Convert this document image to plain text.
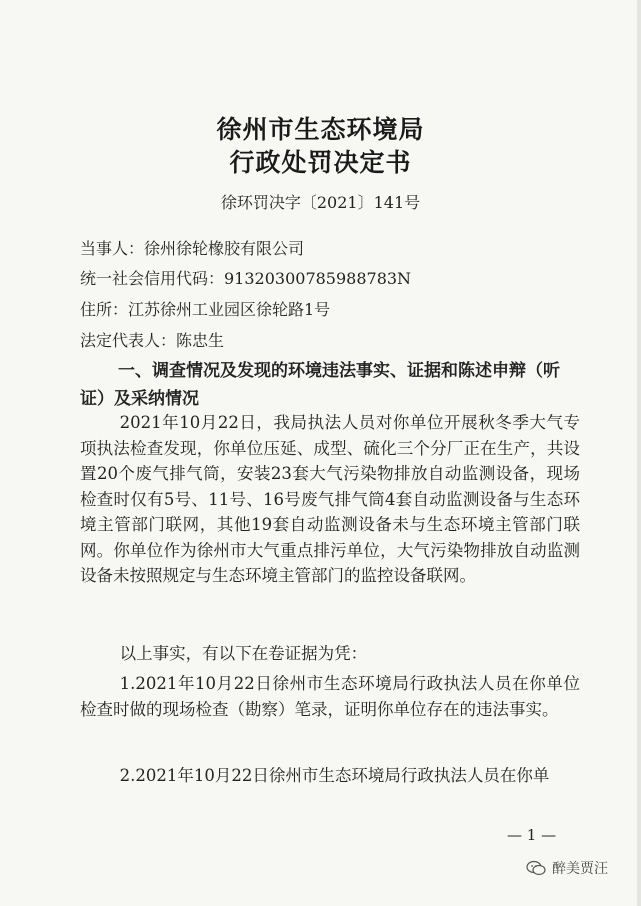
徐州市生态环境局
行政处罚决定书
徐环罚决字〔2021〕141号
当事人：徐州徐轮橡胶有限公司
统一社会信用代码：91320300785988783N
住所：江苏徐州工业园区徐轮路1号
法定代表人：陈忠生
一、调查情况及发现的环境违法事实、证据和陈述申辩（听
证）及采纳情况
2021年10月22日，我局执法人员对你单位开展秋冬季大气专项执法检查发现，你单位压延、成型、硫化三个分厂正在生产，共设置20个废气排气筒，安装23套大气污染物排放自动监测设备，现场检查时仅有5号、11号、16号废气排气筒4套自动监测设备与生态环境主管部门联网，其他19套自动监测设备未与生态环境主管部门联网。你单位作为徐州市大气重点排污单位，大气污染物排放自动监测设备未按照规定与生态环境主管部门的监控设备联网。
以上事实，有以下在卷证据为凭：
1.2021年10月22日徐州市生态环境局行政执法人员在你单位检查时做的现场检查（勘察）笔录，证明你单位存在的违法事实。
2.2021年10月22日徐州市生态环境局行政执法人员在你单
— 1 —
醉美贾汪
